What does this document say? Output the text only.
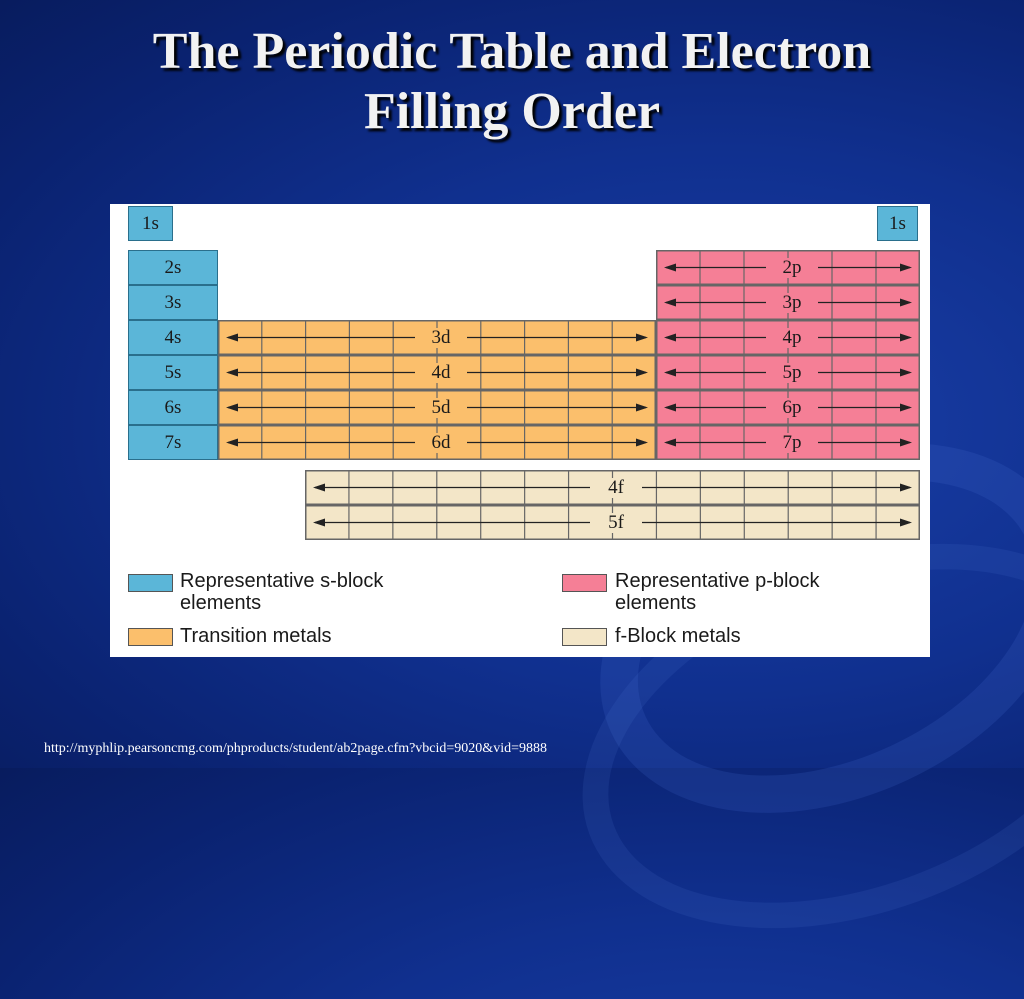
The Periodic Table and Electron
Filling Order
1s	1s
2s
3s
4s
5s
6s
7s
3d
4d
5d
6d
2p
3p
4p
5p
6p
7p
4f
5f
Representative s-block
elements
Representative p-block
elements
Transition metals	f-Block metals
http://myphlip.pearsoncmg.com/phproducts/student/ab2page.cfm?vbcid=9020&vid=9888
